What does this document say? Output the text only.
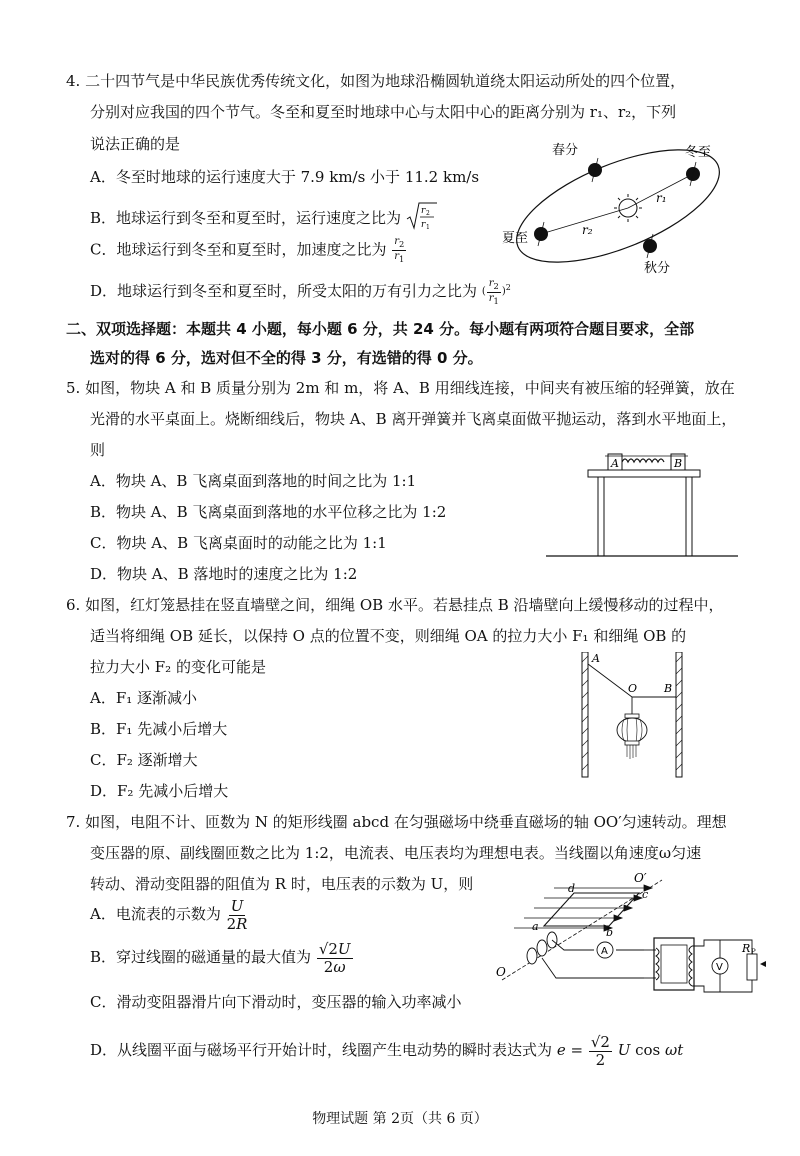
4. 二十四节气是中华民族优秀传统文化，如图为地球沿椭圆轨道绕太阳运动所处的四个位置，
分别对应我国的四个节气。冬至和夏至时地球中心与太阳中心的距离分别为 r₁、r₂，下列
说法正确的是
A．冬至时地球的运行速度大于 7.9 km/s 小于 11.2 km/s
B．地球运行到冬至和夏至时，运行速度之比为 r 2
r 1
C．地球运行到冬至和夏至时，加速度之比为 $\frac{r_2}{r_1}$
D．地球运行到冬至和夏至时，所受太阳的万有引力之比为 ( $\frac{r_2}{r_1} )^2$
春分	冬至
夏至
秋分
r₁
r₂
二、双项选择题：本题共 4 小题，每小题 6 分，共 24 分。每小题有两项符合题目要求，全部
选对的得 6 分，选对但不全的得 3 分，有选错的得 0 分。
5. 如图，物块 A 和 B 质量分别为 2m 和 m，将 A、B 用细线连接，中间夹有被压缩的轻弹簧，放在
光滑的水平桌面上。烧断细线后，物块 A、B 离开弹簧并飞离桌面做平抛运动，落到水平地面上，
则
A．物块 A、B 飞离桌面到落地的时间之比为 1:1
B．物块 A、B 飞离桌面到落地的水平位移之比为 1:2
C．物块 A、B 飞离桌面时的动能之比为 1:1
D．物块 A、B 落地时的速度之比为 1:2
A	B
6. 如图，红灯笼悬挂在竖直墙壁之间，细绳 OB 水平。若悬挂点 B 沿墙壁向上缓慢移动的过程中，
适当将细绳 OB 延长，以保持 O 点的位置不变，则细绳 OA 的拉力大小 F₁ 和细绳 OB 的
拉力大小 F₂ 的变化可能是
A．F₁ 逐渐减小
B．F₁ 先减小后增大
C．F₂ 逐渐增大
D．F₂ 先减小后增大
A
O B
7. 如图，电阻不计、匝数为 N 的矩形线圈 abcd 在匀强磁场中绕垂直磁场的轴 OO′匀速转动。理想
变压器的原、副线圈匝数之比为 1:2，电流表、电压表均为理想电表。当线圈以角速度ω匀速
转动、滑动变阻器的阻值为 R 时，电压表的示数为 U，则
A．电流表的示数为 $\frac{U}{2R}$
B．穿过线圈的磁通量的最大值为 $\frac{√2U}{2\omega}$
C．滑动变阻器滑片向下滑动时，变压器的输入功率减小
D．从线圈平面与磁场平行开始计时，线圈产生电动势的瞬时表达式为 $e = \frac{√2}{2}$ U cos ωt
O
O′
d	c
a	b
A
V
R P
物理试题 第 2页（共 6 页）
